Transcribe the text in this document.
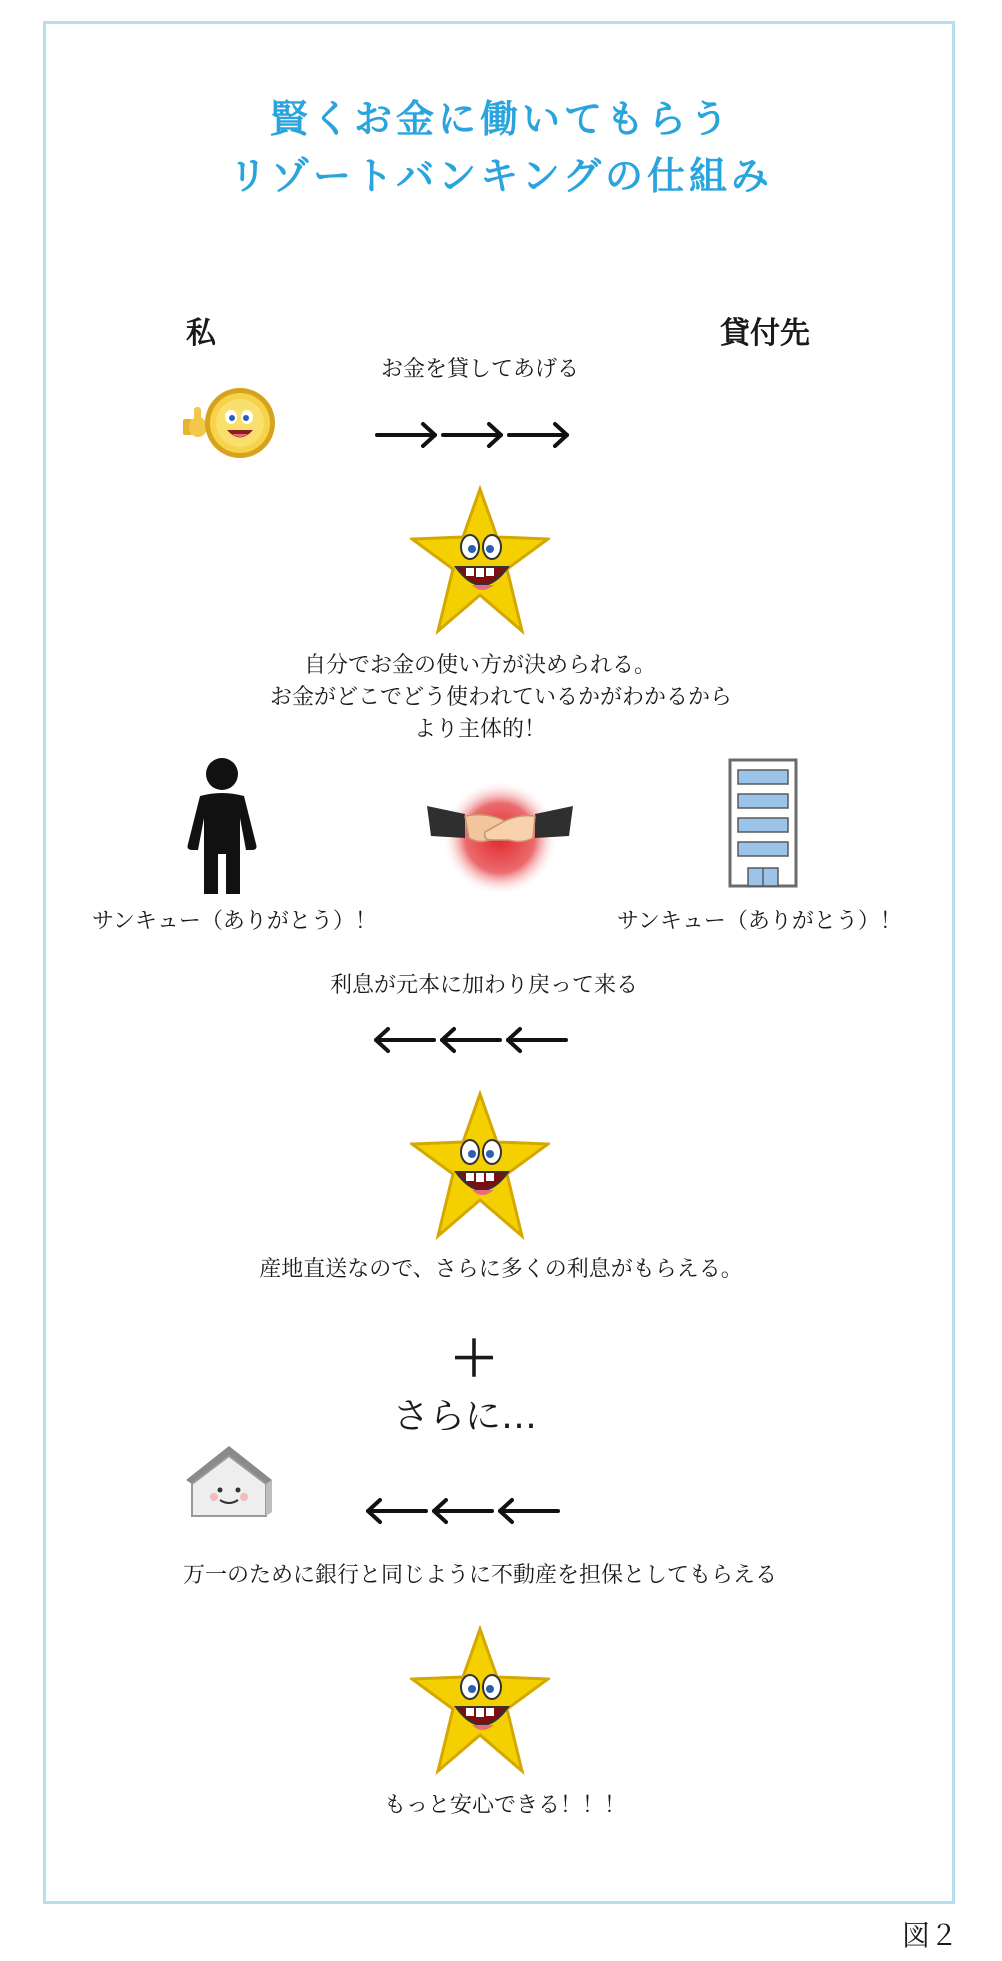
賢くお金に働いてもらう
リゾートバンキングの仕組み
私	貸付先
お金を貸してあげる
自分でお金の使い方が決められる。
お金がどこでどう使われているかがわかるから
より主体的！
サンキュー（ありがとう）！	サンキュー（ありがとう）！
利息が元本に加わり戻って来る
産地直送なので、さらに多くの利息がもらえる。
＋
さらに…
万一のために銀行と同じように不動産を担保としてもらえる
もっと安心できる！！！
図２
